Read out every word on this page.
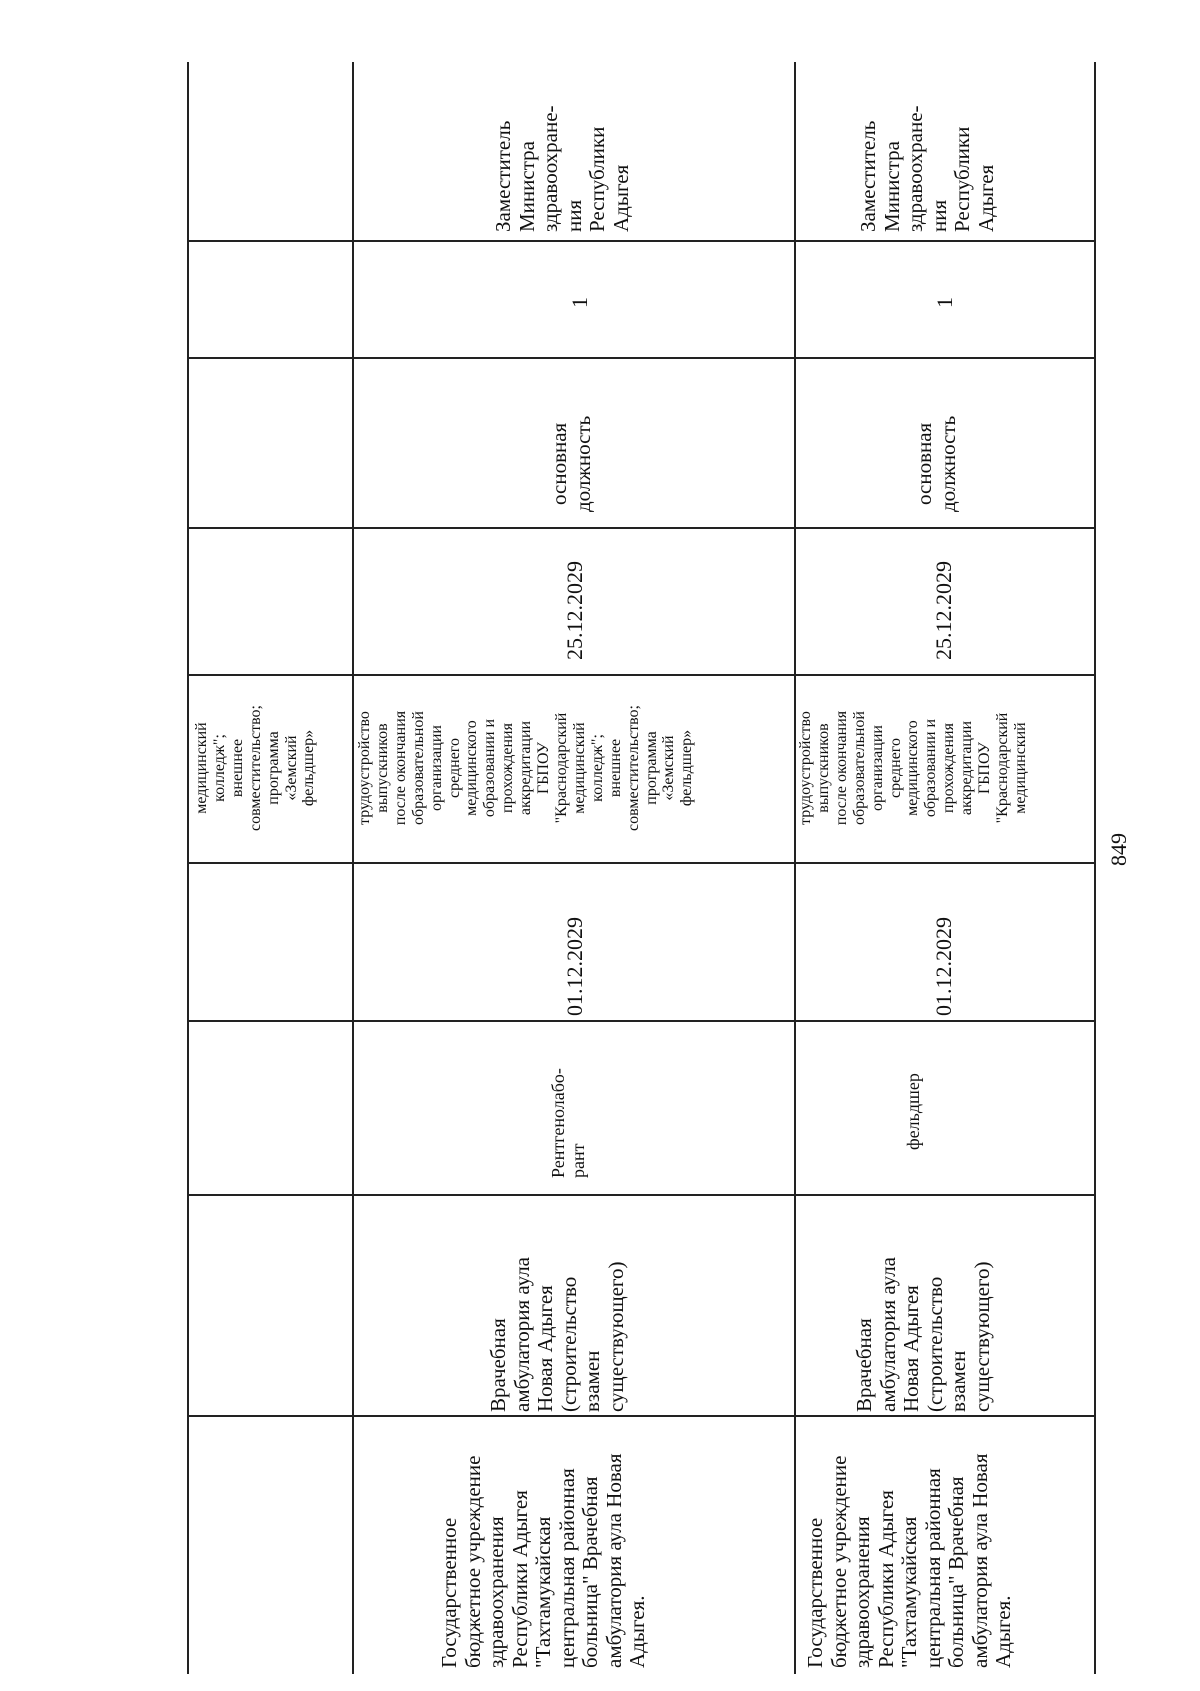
медицинский колледж"; внешнее совместительство; программа «Земский фельдшер»
Государственное бюджетное учреждение здравоохранения Республики Адыгея "Тахтамукайская центральная районная больница" Врачебная амбулатория аула Новая Адыгея.
Врачебная амбулатория аула Новая Адыгея (строительство взамен существующего)
Рентгенолабо- рант
01.12.2029
трудоустройство выпускников после окончания образовательной организации среднего медицинского образовании и прохождения аккредитации ГБПОУ "Краснодарский медицинский колледж"; внешнее совместительство; программа «Земский фельдшер»
25.12.2029
основная должность
1
Заместитель Министра здравоохране- ния Республики Адыгея
Государственное бюджетное учреждение здравоохранения Республики Адыгея "Тахтамукайская центральная районная больница" Врачебная амбулатория аула Новая Адыгея.
Врачебная амбулатория аула Новая Адыгея (строительство взамен существующего)
фельдшер
01.12.2029
трудоустройство выпускников после окончания образовательной организации среднего медицинского образовании и прохождения аккредитации ГБПОУ "Краснодарский медицинский
25.12.2029
основная должность
1
Заместитель Министра здравоохране- ния Республики Адыгея
849
